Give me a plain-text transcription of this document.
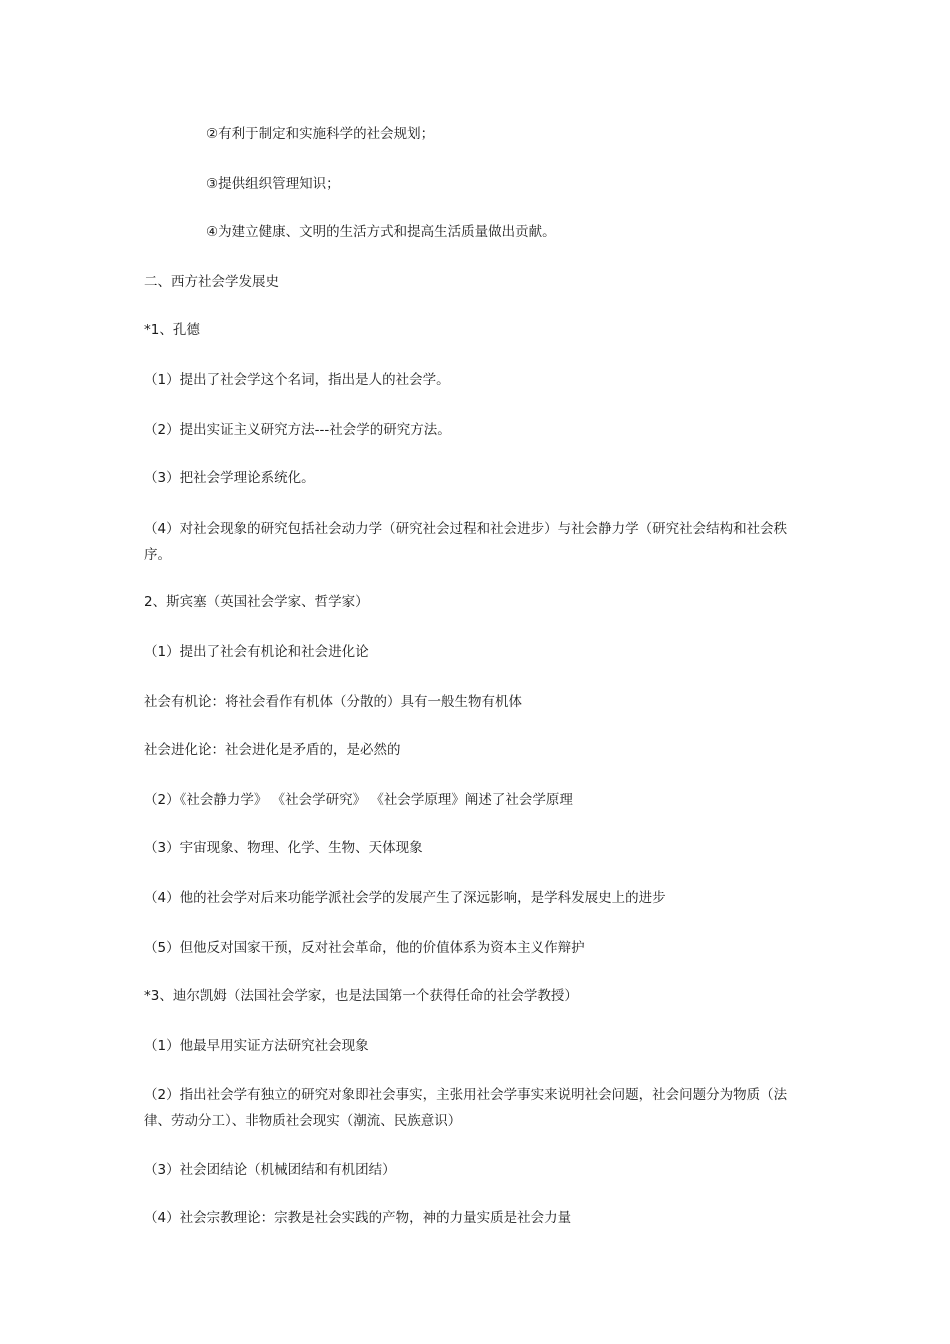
②有利于制定和实施科学的社会规划；
③提供组织管理知识；
④为建立健康、文明的生活方式和提高生活质量做出贡献。
二、西方社会学发展史
*1、孔德
（1）提出了社会学这个名词，指出是人的社会学。
（2）提出实证主义研究方法---社会学的研究方法。
（3）把社会学理论系统化。
（4）对社会现象的研究包括社会动力学（研究社会过程和社会进步）与社会静力学（研究社会结构和社会秩序。
2、斯宾塞（英国社会学家、哲学家）
（1）提出了社会有机论和社会进化论
社会有机论：将社会看作有机体（分散的）具有一般生物有机体
社会进化论：社会进化是矛盾的，是必然的
（2）《社会静力学》 《社会学研究》 《社会学原理》阐述了社会学原理
（3）宇宙现象、物理、化学、生物、天体现象
（4）他的社会学对后来功能学派社会学的发展产生了深远影响，是学科发展史上的进步
（5）但他反对国家干预，反对社会革命，他的价值体系为资本主义作辩护
*3、迪尔凯姆（法国社会学家，也是法国第一个获得任命的社会学教授）
（1）他最早用实证方法研究社会现象
（2）指出社会学有独立的研究对象即社会事实，主张用社会学事实来说明社会问题，社会问题分为物质（法律、劳动分工）、非物质社会现实（潮流、民族意识）
（3）社会团结论（机械团结和有机团结）
（4）社会宗教理论：宗教是社会实践的产物，神的力量实质是社会力量
